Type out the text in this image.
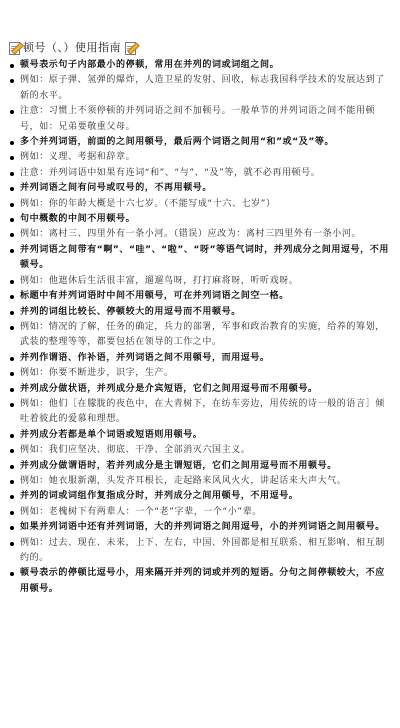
顿号（、）使用指南
顿号表示句子内部最小的停顿，常用在并列的词或词组之间。
例如：原子弹、氢弹的爆炸，人造卫星的发射、回收，标志我国科学技术的发展达到了新的水平。
注意：习惯上不须停顿的并列词语之间不加顿号。一般单节的并列词语之间不能用顿号，如：兄弟要敬重父母。
多个并列词语，前面的之间用顿号，最后两个词语之间用“和”或“及”等。
例如：义理、考据和辞章。
注意：并列词语中如果有连词“和”、“与”、“及”等，就不必再用顿号。
并列词语之间有问号或叹号的，不再用顿号。
例如：你的年龄大概是十六七岁。（不能写成“十六、七岁”）
句中概数的中间不用顿号。
例如：离村三、四里外有一条小河。（错误）应改为：离村三四里外有一条小河。
并列词语之间带有“啊”、“哇”、“啦”、“呀”等语气词时，并列成分之间用逗号，不用顿号。
例如：他遮休后生活很丰富，遛遛鸟呀，打打麻将呀，听听戏呀。
标题中有并列词语时中间不用顿号，可在并列词语之间空一格。
并列的词组比较长、停顿较大的用逗号而不用顿号。
例如：情况的了解，任务的确定，兵力的部署，军事和政治教育的实施，给养的筹划，武装的整理等等，都要包括在领导的工作之中。
并列作谓语、作补语，并列词语之间不用顿号，而用逗号。
例如：你要不断进步，识字，生产。
并列成分做状语，并列成分是介宾短语，它们之间用逗号而不用顿号。
例如：他们［在朦胧的夜色中，在大青树下，在纺车旁边，用传统的诗一般的语言］倾吐着彼此的爱慕和理想。
并列成分若都是单个词语或短语则用顿号。
例如：我们应坚决、彻底、干净、全部消灭六国主义。
并列成分做谓语时，若并列成分是主谓短语，它们之间用逗号而不用顿号。
例如：她衣服新潮，头发齐耳根长，走起路来风风火火，讲起话来大声大气。
并列的词或词组作复指成分时，并列成分之间用顿号，不用逗号。
例如：老槐树下有两辈人：一个“老”字辈，一个“小”辈。
如果并列词语中还有并列词语，大的并列词语之间用逗号，小的并列词语之间用顿号。
例如：过去、现在、未来，上下、左右，中国、外国都是相互联系、相互影响、相互制约的。
顿号表示的停顿比逗号小，用来隔开并列的词或并列的短语。分句之间停顿较大，不应用顿号。
